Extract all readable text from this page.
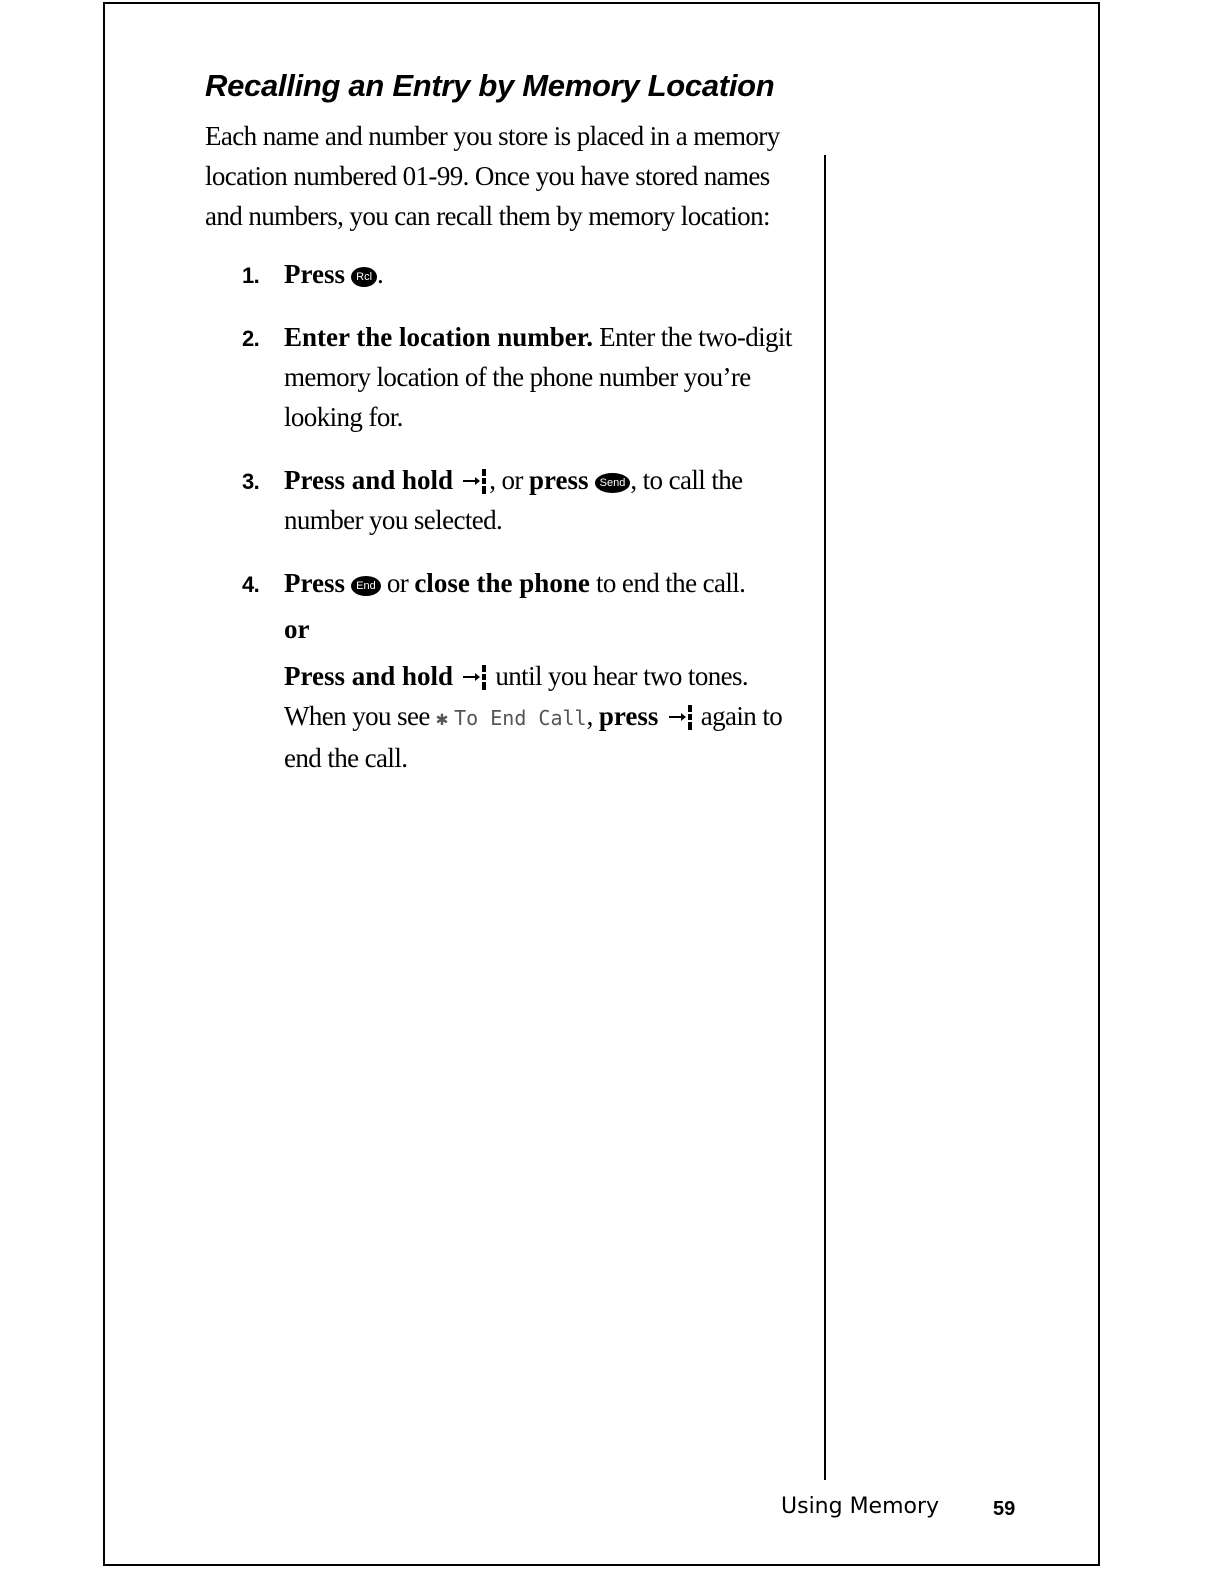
Recalling an Entry by Memory Location

Each name and number you store is placed in a memory location numbered 01-99. Once you have stored names and numbers, you can recall them by memory location:

1. Press Rcl .
2. Enter the location number. Enter the two-digit memory location of the phone number you’re looking for.
3. Press and hold , or press Send , to call the number you selected.
4. Press End or close the phone to end the call.
or
Press and hold  until you hear two tones.
When you see ✱ To End Call, press  again to end the call.
Using Memory	59
